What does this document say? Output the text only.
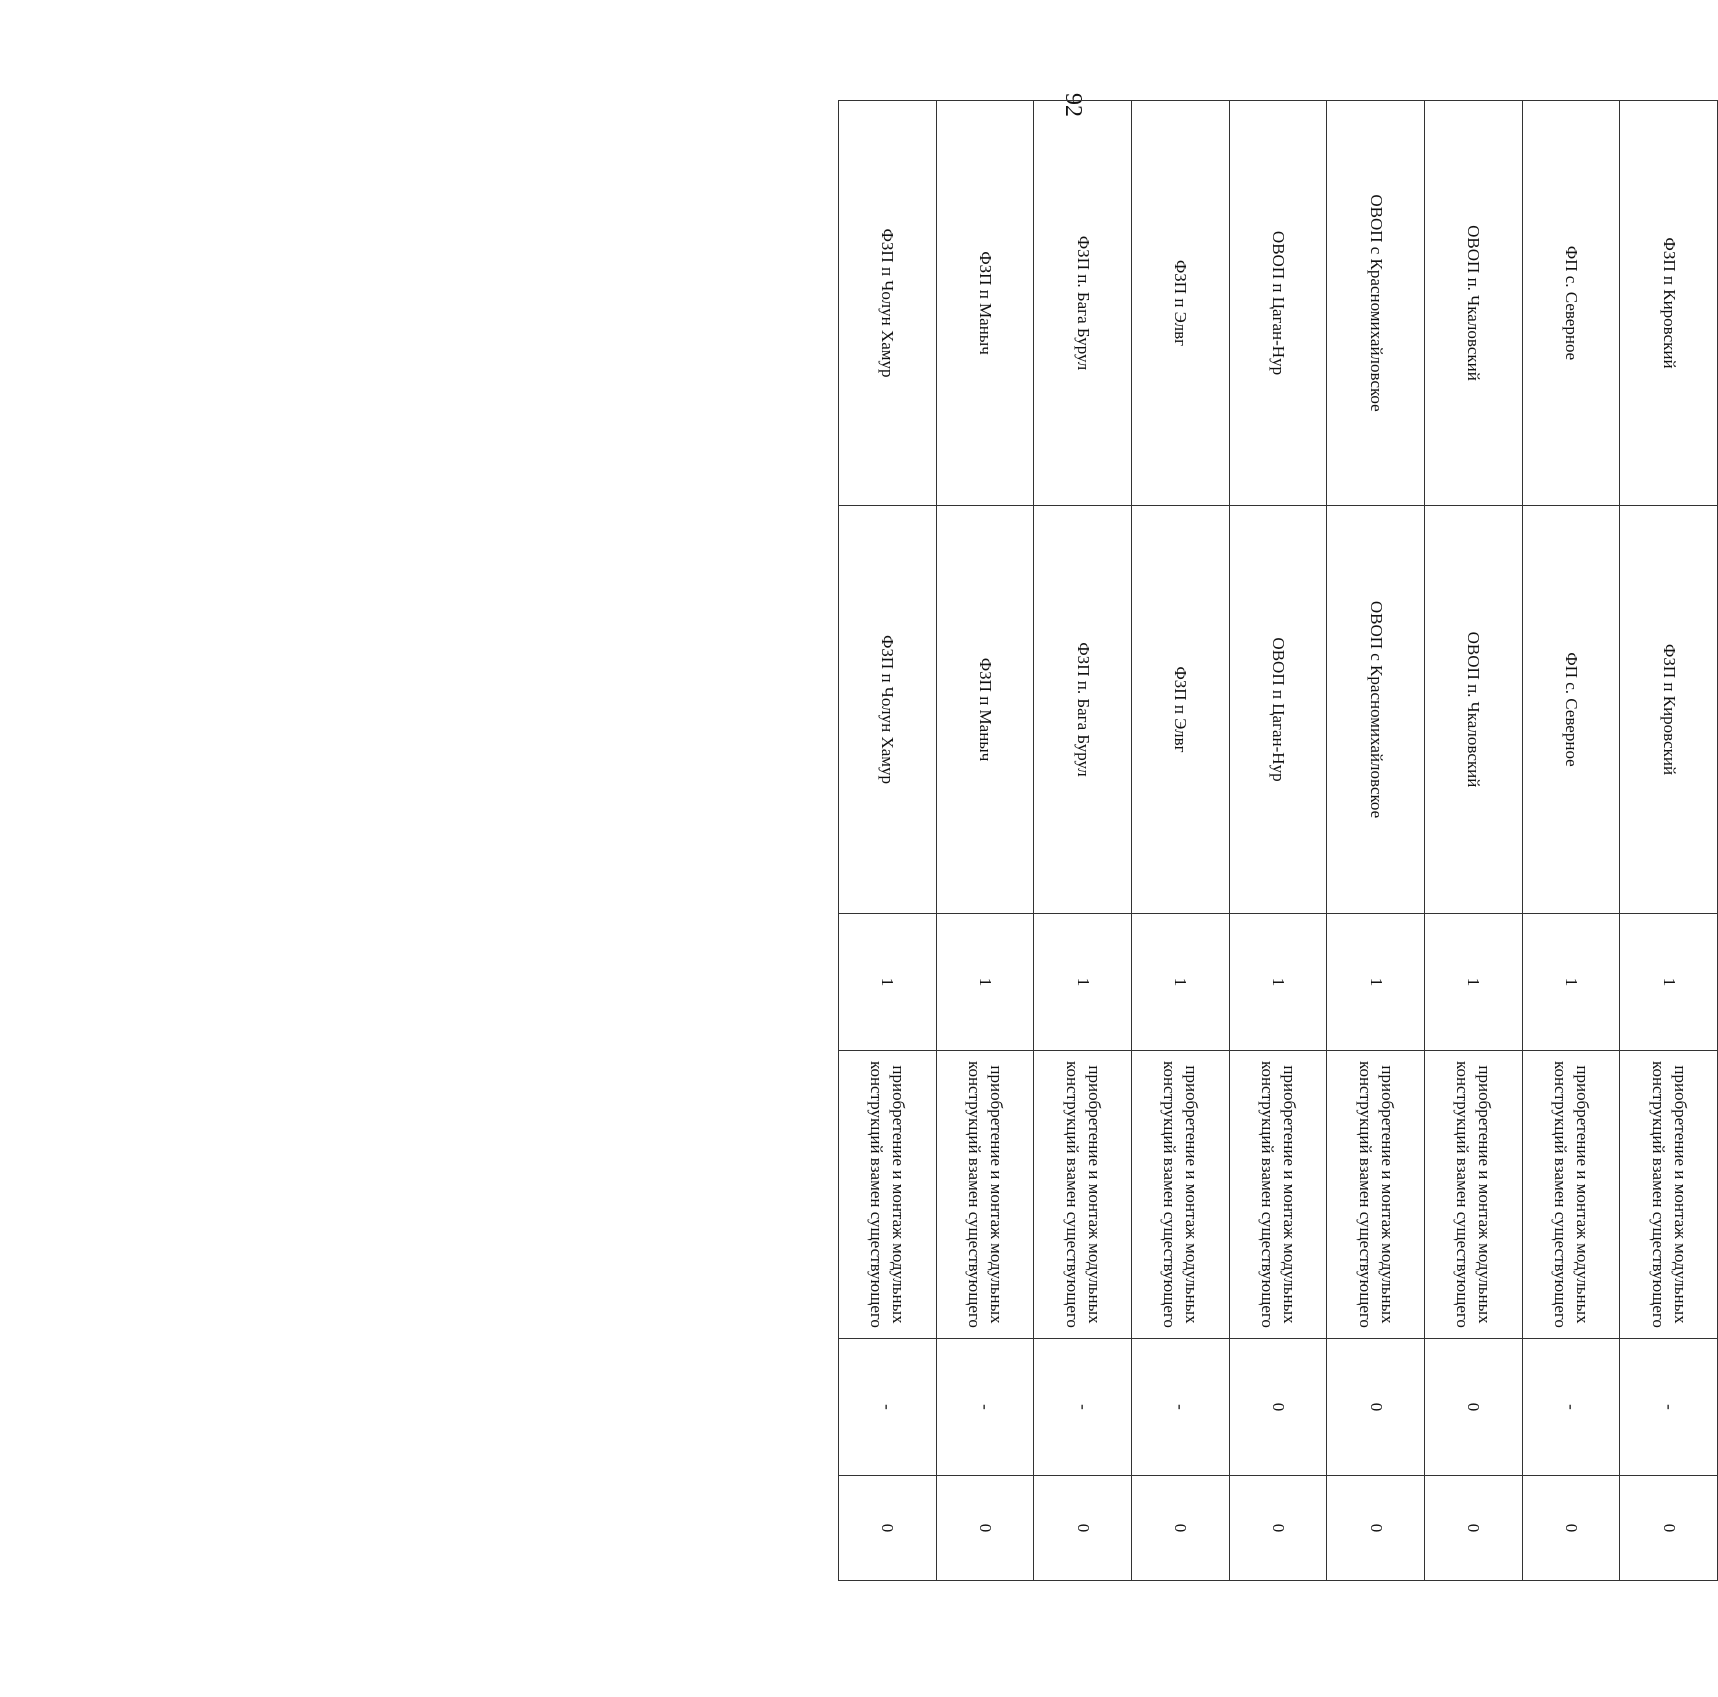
92
ФЗП п Кировский	ФЗП п Кировский	1	приобретение и монтаж модульных конструкций взамен существующего	-	0
ФП с. Северное	ФП с. Северное	1	приобретение и монтаж модульных конструкций взамен существующего	-	0
ОВОП п. Чкаловский	ОВОП п. Чкаловский	1	приобретение и монтаж модульных конструкций взамен существующего	0	0
ОВОП с Красномихайловское	ОВОП с Красномихайловское	1	приобретение и монтаж модульных конструкций взамен существующего	0	0
ОВОП п Цаган-Нур	ОВОП п Цаган-Нур	1	приобретение и монтаж модульных конструкций взамен существующего	0	0
ФЗП п Элвг	ФЗП п Элвг	1	приобретение и монтаж модульных конструкций взамен существующего	-	0
ФЗП п. Бага Бурул	ФЗП п. Бага Бурул	1	приобретение и монтаж модульных конструкций взамен существующего	-	0
ФЗП п Маныч	ФЗП п Маныч	1	приобретение и монтаж модульных конструкций взамен существующего	-	0
ФЗП п Чолун Хамур	ФЗП п Чолун Хамур	1	приобретение и монтаж модульных конструкций взамен существующего	-	0
